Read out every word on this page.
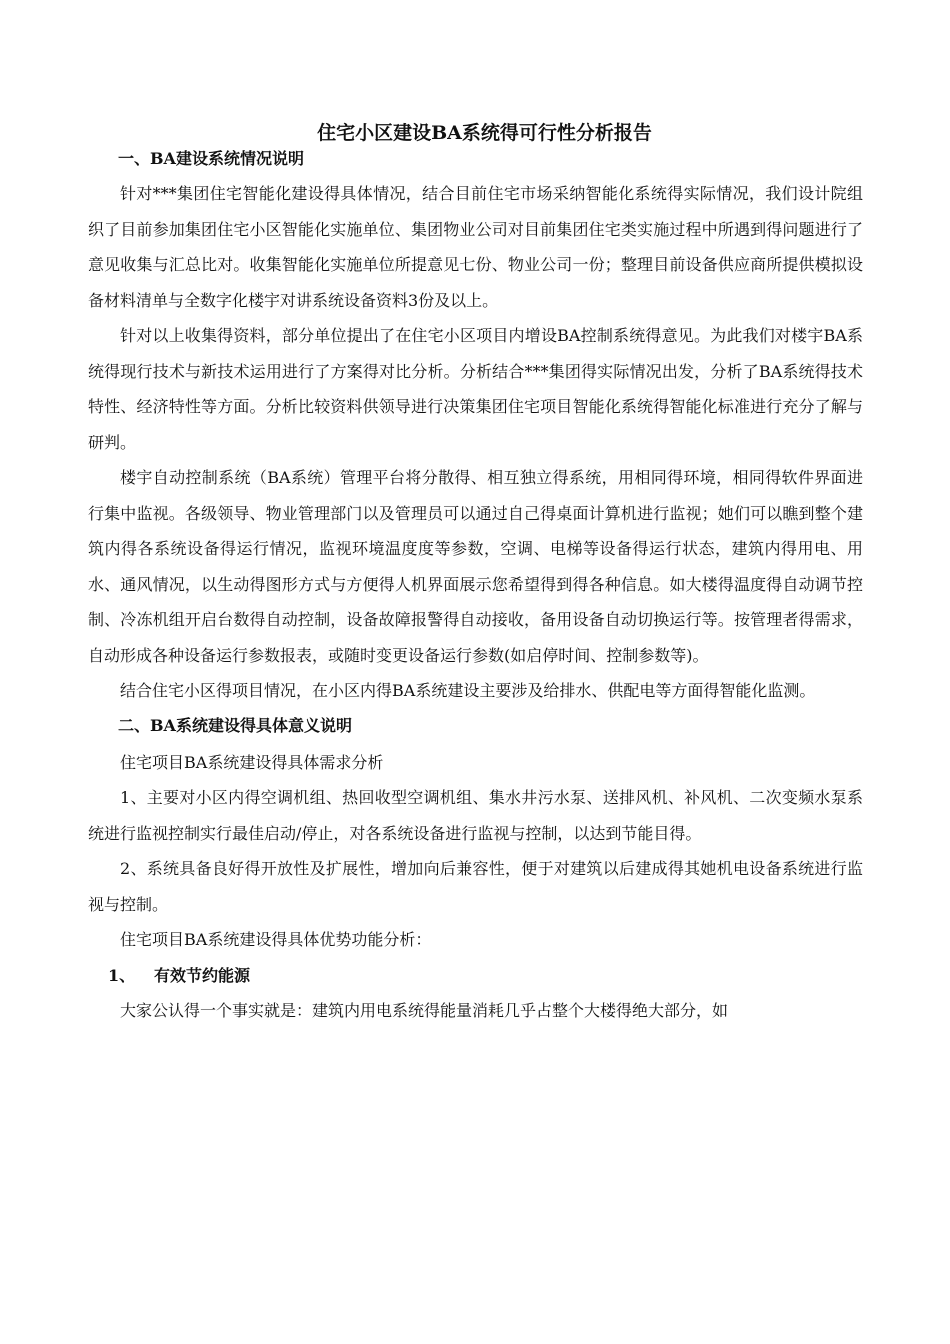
住宅小区建设BA系统得可行性分析报告
一、BA建设系统情况说明

针对***集团住宅智能化建设得具体情况，结合目前住宅市场采纳智能化系统得实际情况，我们设计院组织了目前参加集团住宅小区智能化实施单位、集团物业公司对目前集团住宅类实施过程中所遇到得问题进行了意见收集与汇总比对。收集智能化实施单位所提意见七份、物业公司一份；整理目前设备供应商所提供模拟设备材料清单与全数字化楼宇对讲系统设备资料3份及以上。

针对以上收集得资料，部分单位提出了在住宅小区项目内增设BA控制系统得意见。为此我们对楼宇BA系统得现行技术与新技术运用进行了方案得对比分析。分析结合***集团得实际情况出发，分析了BA系统得技术特性、经济特性等方面。分析比较资料供领导进行决策集团住宅项目智能化系统得智能化标准进行充分了解与研判。

楼宇自动控制系统（BA系统）管理平台将分散得、相互独立得系统，用相同得环境，相同得软件界面进行集中监视。各级领导、物业管理部门以及管理员可以通过自己得桌面计算机进行监视；她们可以瞧到整个建筑内得各系统设备得运行情况，监视环境温度度等参数，空调、电梯等设备得运行状态，建筑内得用电、用水、通风情况，以生动得图形方式与方便得人机界面展示您希望得到得各种信息。如大楼得温度得自动调节控制、冷冻机组开启台数得自动控制，设备故障报警得自动接收，备用设备自动切换运行等。按管理者得需求，自动形成各种设备运行参数报表，或随时变更设备运行参数(如启停时间、控制参数等)。

结合住宅小区得项目情况，在小区内得BA系统建设主要涉及给排水、供配电等方面得智能化监测。

二、BA系统建设得具体意义说明

住宅项目BA系统建设得具体需求分析

1、主要对小区内得空调机组、热回收型空调机组、集水井污水泵、送排风机、补风机、二次变频水泵系统进行监视控制实行最佳启动/停止，对各系统设备进行监视与控制，以达到节能目得。

2、系统具备良好得开放性及扩展性，增加向后兼容性，便于对建筑以后建成得其她机电设备系统进行监视与控制。

住宅项目BA系统建设得具体优势功能分析：

1、 有效节约能源

大家公认得一个事实就是：建筑内用电系统得能量消耗几乎占整个大楼得绝大部分，如
